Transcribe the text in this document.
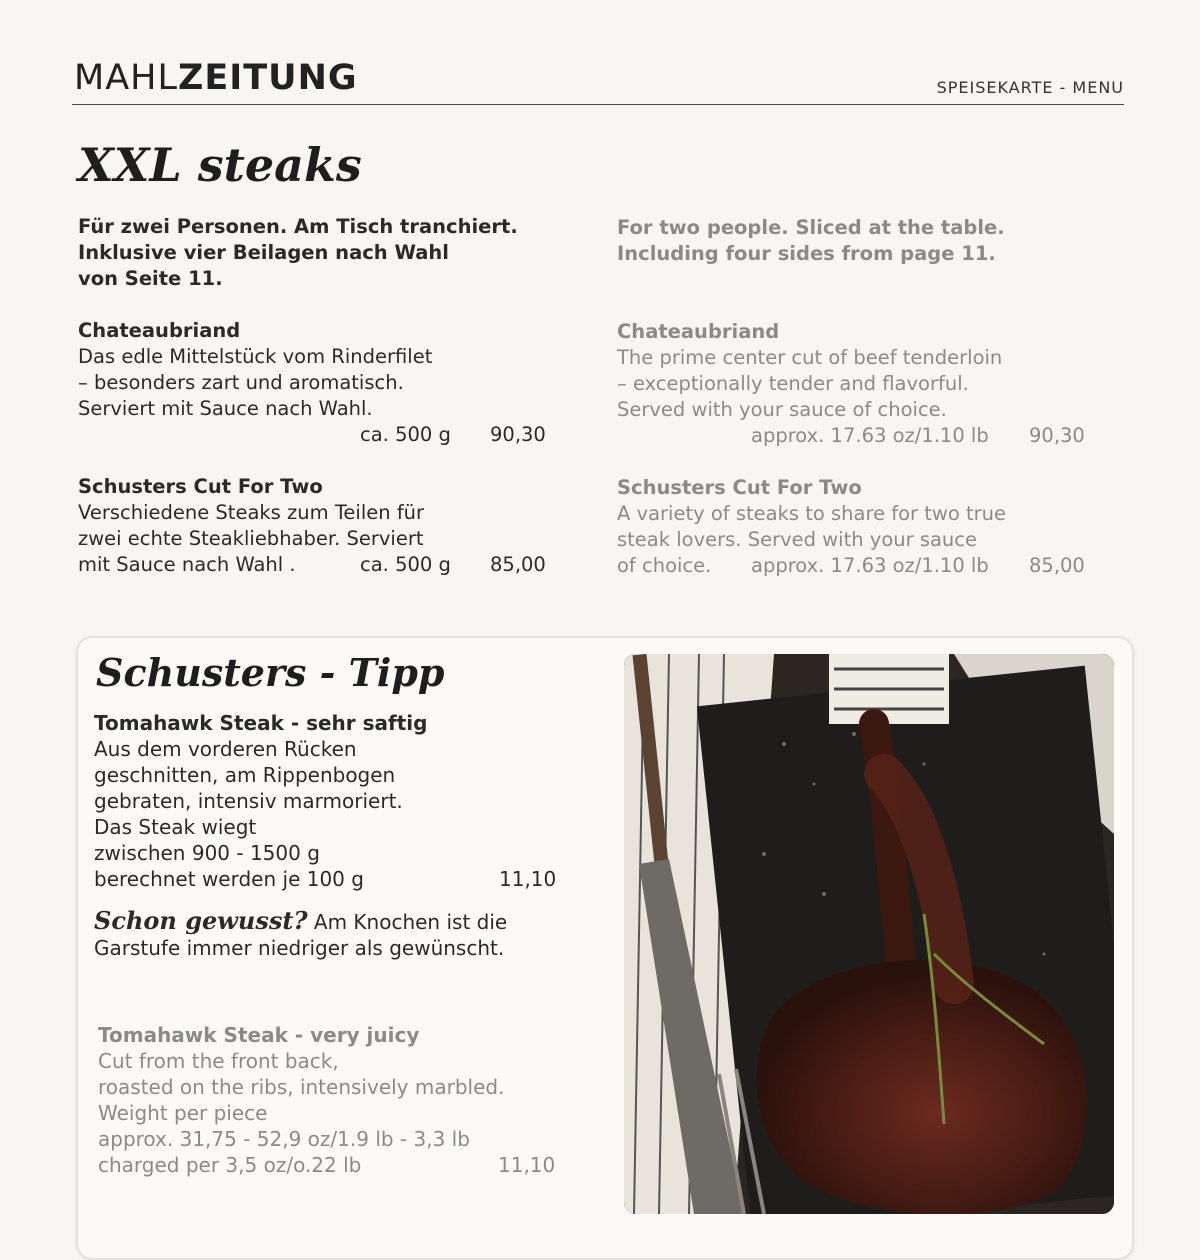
MAHLZEITUNG	SPEISEKARTE - MENU
XXL steaks
Für zwei Personen. Am Tisch tranchiert.
Inklusive vier Beilagen nach Wahl
von Seite 11.
Chateaubriand
Das edle Mittelstück vom Rinderfilet
– besonders zart und aromatisch.
Serviert mit Sauce nach Wahl.
ca. 500 g 90,30
Schusters Cut For Two
Verschiedene Steaks zum Teilen für
zwei echte Steakliebhaber. Serviert
mit Sauce nach Wahl .	ca. 500 g 85,00
For two people. Sliced at the table.
Including four sides from page 11.
Chateaubriand
The prime center cut of beef tenderloin
– exceptionally tender and flavorful.
Served with your sauce of choice.
approx. 17.63 oz/1.10 lb 90,30
Schusters Cut For Two
A variety of steaks to share for two true
steak lovers. Served with your sauce
of choice. approx. 17.63 oz/1.10 lb 85,00
Schusters - Tipp
Tomahawk Steak - sehr saftig
Aus dem vorderen Rücken
geschnitten, am Rippenbogen
gebraten, intensiv marmoriert.
Das Steak wiegt
zwischen 900 - 1500 g
berechnet werden je 100 g	11,10
Schon gewusst? Am Knochen ist die
Garstufe immer niedriger als gewünscht.
Tomahawk Steak - very juicy
Cut from the front back,
roasted on the ribs, intensively marbled.
Weight per piece
approx. 31,75 - 52,9 oz/1.9 lb - 3,3 lb
charged per 3,5 oz/o.22 lb	11,10
